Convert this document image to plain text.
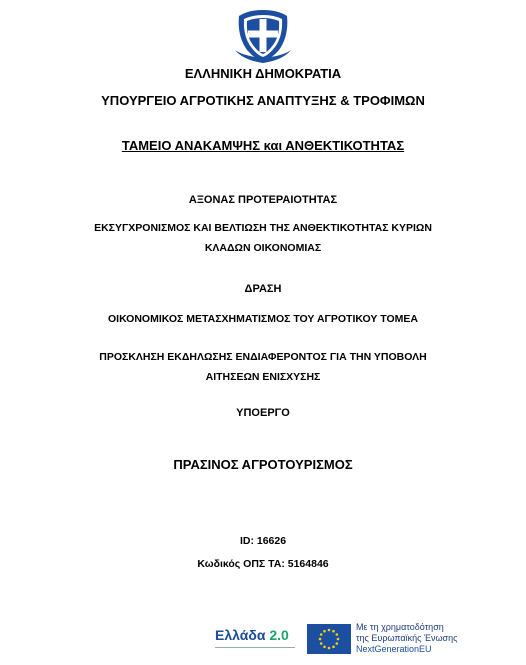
ΕΛΛΗΝΙΚΗ ΔΗΜΟΚΡΑΤΙΑ
ΥΠΟΥΡΓΕΙΟ ΑΓΡΟΤΙΚΗΣ ΑΝΑΠΤΥΞΗΣ & ΤΡΟΦΙΜΩΝ
ΤΑΜΕΙΟ ΑΝΑΚΑΜΨΗΣ και ΑΝΘΕΚΤΙΚΟΤΗΤΑΣ
ΑΞΟΝΑΣ ΠΡΟΤΕΡΑΙΟΤΗΤΑΣ
ΕΚΣΥΓΧΡΟΝΙΣΜΟΣ ΚΑΙ ΒΕΛΤΙΩΣΗ ΤΗΣ ΑΝΘΕΚΤΙΚΟΤΗΤΑΣ ΚΥΡΙΩΝ
ΚΛΑΔΩΝ ΟΙΚΟΝΟΜΙΑΣ
ΔΡΑΣΗ
ΟΙΚΟΝΟΜΙΚΟΣ ΜΕΤΑΣΧΗΜΑΤΙΣΜΟΣ ΤΟΥ ΑΓΡΟΤΙΚΟΥ ΤΟΜΕΑ
ΠΡΟΣΚΛΗΣΗ ΕΚΔΗΛΩΣΗΣ ΕΝΔΙΑΦΕΡΟΝΤΟΣ ΓΙΑ ΤΗΝ ΥΠΟΒΟΛΗ
ΑΙΤΗΣΕΩΝ ΕΝΙΣΧΥΣΗΣ
ΥΠΟΕΡΓΟ
ΠΡΑΣΙΝΟΣ ΑΓΡΟΤΟΥΡΙΣΜΟΣ
ID: 16626
Κωδικός ΟΠΣ ΤΑ: 5164846
Ελλάδα 2.0	Με τη χρηματοδότηση
της Ευρωπαϊκής Ένωσης
NextGenerationEU
